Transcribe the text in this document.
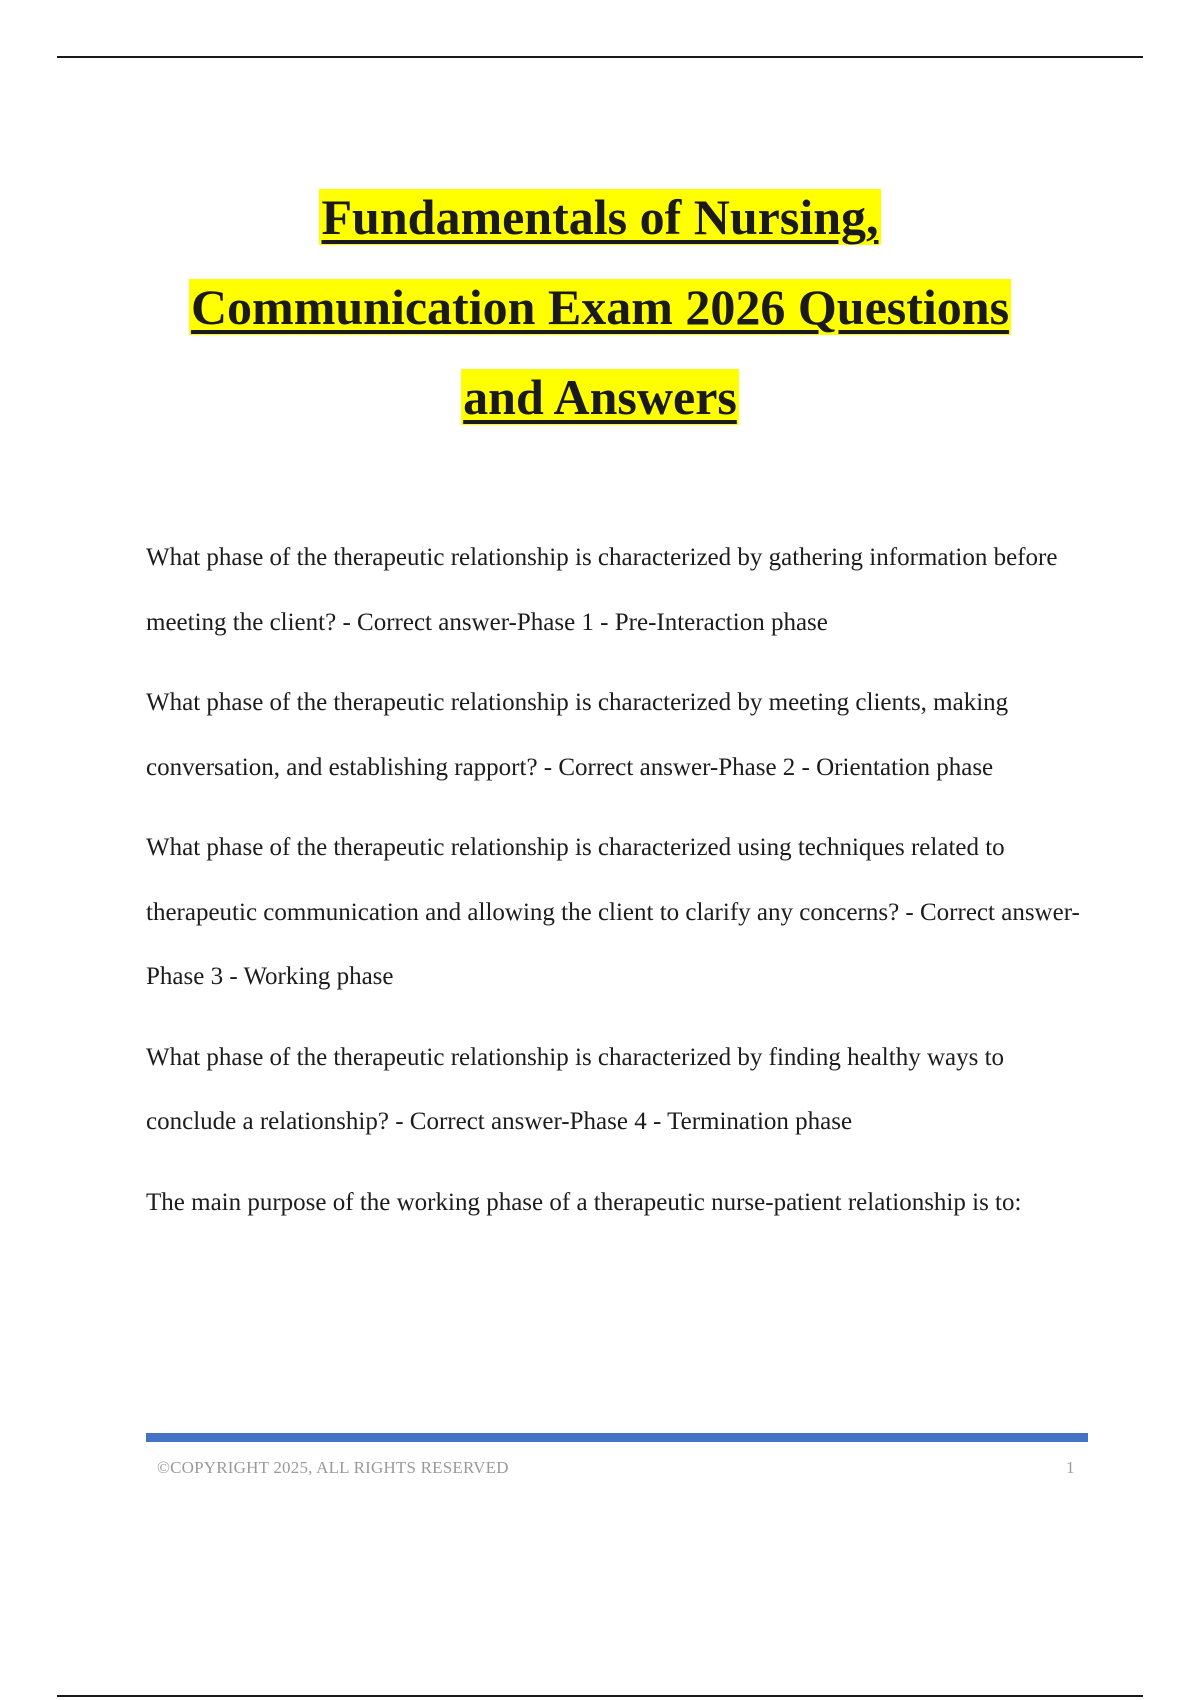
Fundamentals of Nursing,
Communication Exam 2026 Questions
and Answers

What phase of the therapeutic relationship is characterized by gathering information before meeting the client? - Correct answer-Phase 1 - Pre-Interaction phase

What phase of the therapeutic relationship is characterized by meeting clients, making conversation, and establishing rapport? - Correct answer-Phase 2 - Orientation phase

What phase of the therapeutic relationship is characterized using techniques related to therapeutic communication and allowing the client to clarify any concerns? - Correct answer-Phase 3 - Working phase

What phase of the therapeutic relationship is characterized by finding healthy ways to conclude a relationship? - Correct answer-Phase 4 - Termination phase

The main purpose of the working phase of a therapeutic nurse-patient relationship is to:

©COPYRIGHT 2025, ALL RIGHTS RESERVED	1
